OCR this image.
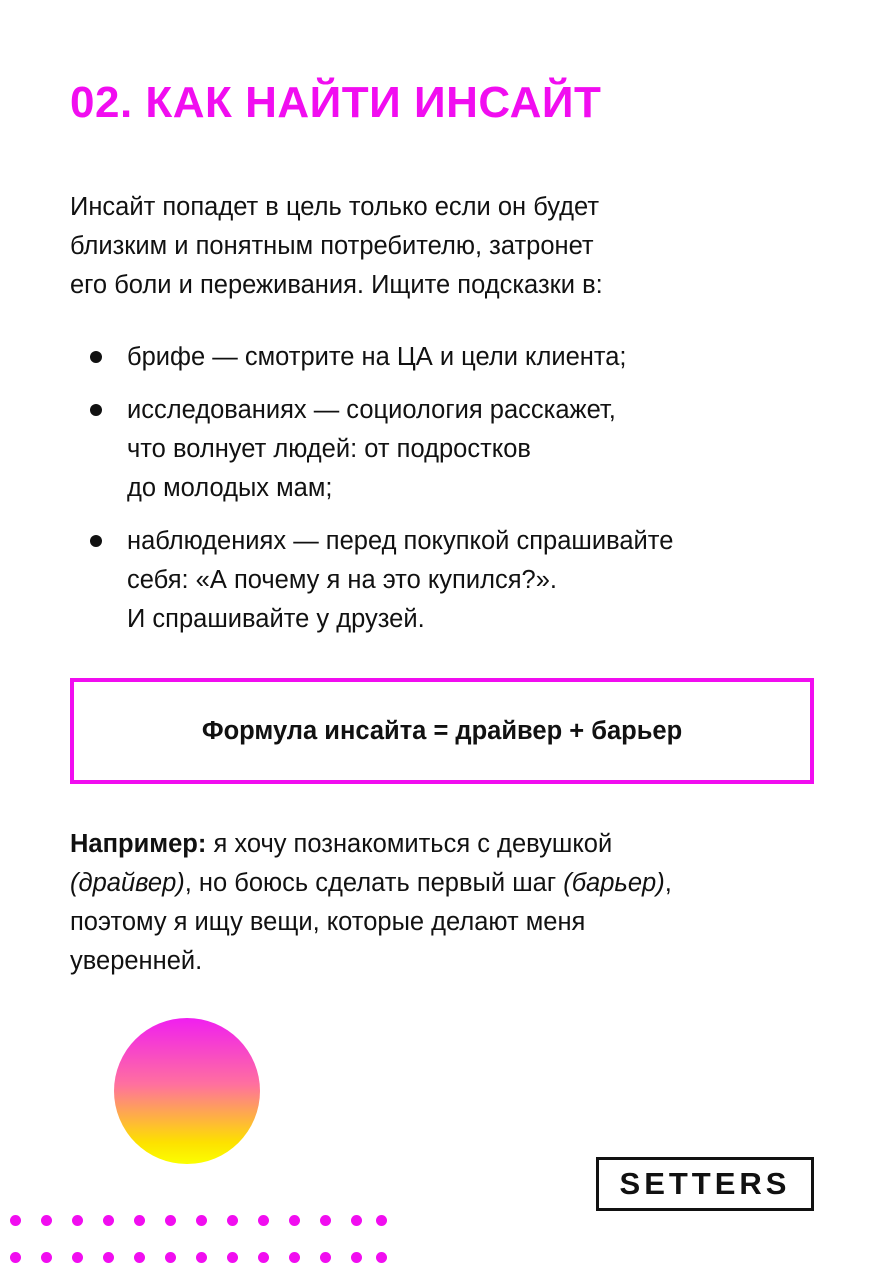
02. КАК НАЙТИ ИНСАЙТ
Инсайт попадет в цель только если он будет
близким и понятным потребителю, затронет
его боли и переживания. Ищите подсказки в:
брифе — смотрите на ЦА и цели клиента;
исследованиях — социология расскажет,
что волнует людей: от подростков
до молодых мам;
наблюдениях — перед покупкой спрашивайте
себя: «А почему я на это купился?».
И спрашивайте у друзей.
Формула инсайта = драйвер + барьер
Например: я хочу познакомиться с девушкой
(драйвер), но боюсь сделать первый шаг (барьер),
поэтому я ищу вещи, которые делают меня
уверенней.
SETTERS
